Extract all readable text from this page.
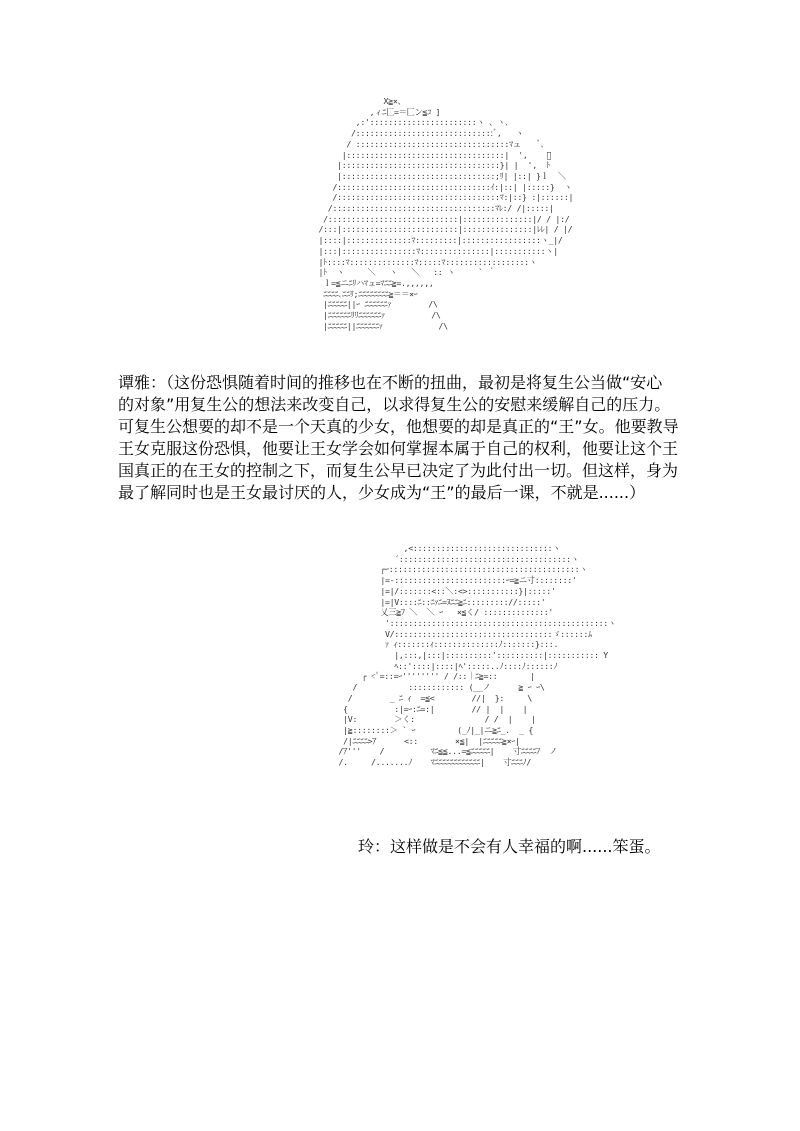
X≧×、
,ィﾆ匚=＝匚ン≦ｺ ]
,:':::::::::::::::::::::::ヽ 、ヽ､
/::::::::::::::::::::::::::::::ﾞ,   ヽ
/ :::::::::::::::::::::::::::::::::ﾏュ    ﾞ､
|::::::::::::::::::::::::::::::::::|  ',    ﾞ
|::::::::::::::::::::::::::::::::::}| |  ',  ﾄ
|:::::::::::::::::::::::::::::::::;ﾘ| |::| }ｌ  ＼
/:::::::::::::::::::::::::::::::::ｲ:|::| |:::::}  ヽ
/:::::::::::::::::::::::::::::::::::ﾏ:|::} :|::::::|
/:::::::::::::::::::::::::::::::::::ﾏﾚ:/ /|:::::|
/::::::::::::::::::::::::::::|:::::::::::::::|/ / |:/
/:::|:::::::::::::::::::::::::|:::::::::::::::|ﾚﾚ| / |/
|::::|::::::::::::::ﾏ:::::::::|:::::::::::::::::ヽ_|/
|:::|::::::::::::::::ﾏ:::::::::::::::|:::::::::::ヽ|
|ﾄ::::ﾏ::::::::::::::ﾏ:::::ﾏ::::::::::::::::::ヽ
|ﾄ  ヽ     ＼   ヽ   ＼   :: ヽ     ` ｀
ｌ=≦ニﾆﾘハﾏュ=ﾏﾆﾆ≧=.,,,,,,
ﾆﾆﾆﾆ､ﾆﾆﾘ;ﾆﾆﾆﾆﾆﾆﾆﾆ≧＝＝×ｰ
|ﾆﾆﾆﾆﾆ||ｰ ﾆﾆﾆﾆﾆﾆｧ        /\
|ﾆﾆﾆﾆﾆﾆﾘﾘﾆﾆﾆﾆﾆﾆｧ          /\
|ﾆﾆﾆﾆﾆ||ﾆﾆﾆﾆﾆﾆｧ            /\
谭雅：（这份恐惧随着时间的推移也在不断的扭曲，最初是将复生公当做“安心
的对象”用复生公的想法来改变自己，以求得复生公的安慰来缓解自己的压力。
可复生公想要的却不是一个天真的少女，他想要的却是真正的“王”女。他要教导
王女克服这份恐惧，他要让王女学会如何掌握本属于自己的权利，他要让这个王
国真正的在王女的控制之下，而复生公早已决定了为此付出一切。但这样，身为
最了解同时也是王女最讨厌的人，少女成为“王”的最后一课，不就是......）
,<::::::::::::::::::::::::::::::ヽ
´:::::::::::::::::::::::::::::::::::::ヽ
┌ｰ:::::::::::::::::::::::::::::::::::::::::ヽ
|=-::::::::::::::::::::::::ｰ=≧ニ寸::::::::'
|=|/:::::::<::＼:<>:::::::::::}|:::::'
|=|V::::ﾆ::ﾆｧﾆ=ﾇﾆﾆ≧ﾆ::::::::://:::::'
乂三≧ﾌ ＼  ＼ ｰ   ×≦く/ ::::::::::::::'
':::::::::::::::::::::::::::::::::::::::::::::::ヽ
V/::::::::::::::::::::::::::::::::::ゞ::::::ﾑ
ｧ ｨ:::::::ｨ::::::::::::::ﾉ:::::::}:::.
|,:::,|:::|::::::::::'::::::::::|::::::::::: Y
ﾍ::'::::|::::|ﾍ':::::..ﾉ::::ﾉ::::::ﾉ
┌ <ﾟ=::=ｰ'''''''' / /::｜ﾆ≧=::       |
/           :::::::::::: (__ノ      ≧ ｰ ｰ\
/        _ ﾆ ｨ  =≦<        //|  }:     \
{          :|=ｰ:ﾆ=:|        // |  |    |
|V:        ＞く:               / /  |    |
|≧::::::::＞ ` ｰ         (_ﾉ|_|ニ≧ﾆ_.  _ {
/|ﾆﾆﾆﾆ>ｱ      <::        ×≦|  |ﾆﾆﾆﾆﾆ≧×ｰ|
/ｱ'''    /          ﾏﾆ≦≦...=≦ﾆﾆﾆﾆﾆ|    寸ﾆﾆﾆﾆﾌ  ノ
/.     /.......ﾉ    ﾏﾆﾆﾆﾆﾆﾆﾆﾆﾆﾆﾆﾆ|    寸ﾆﾆﾆﾉ/
玲：这样做是不会有人幸福的啊......笨蛋。
